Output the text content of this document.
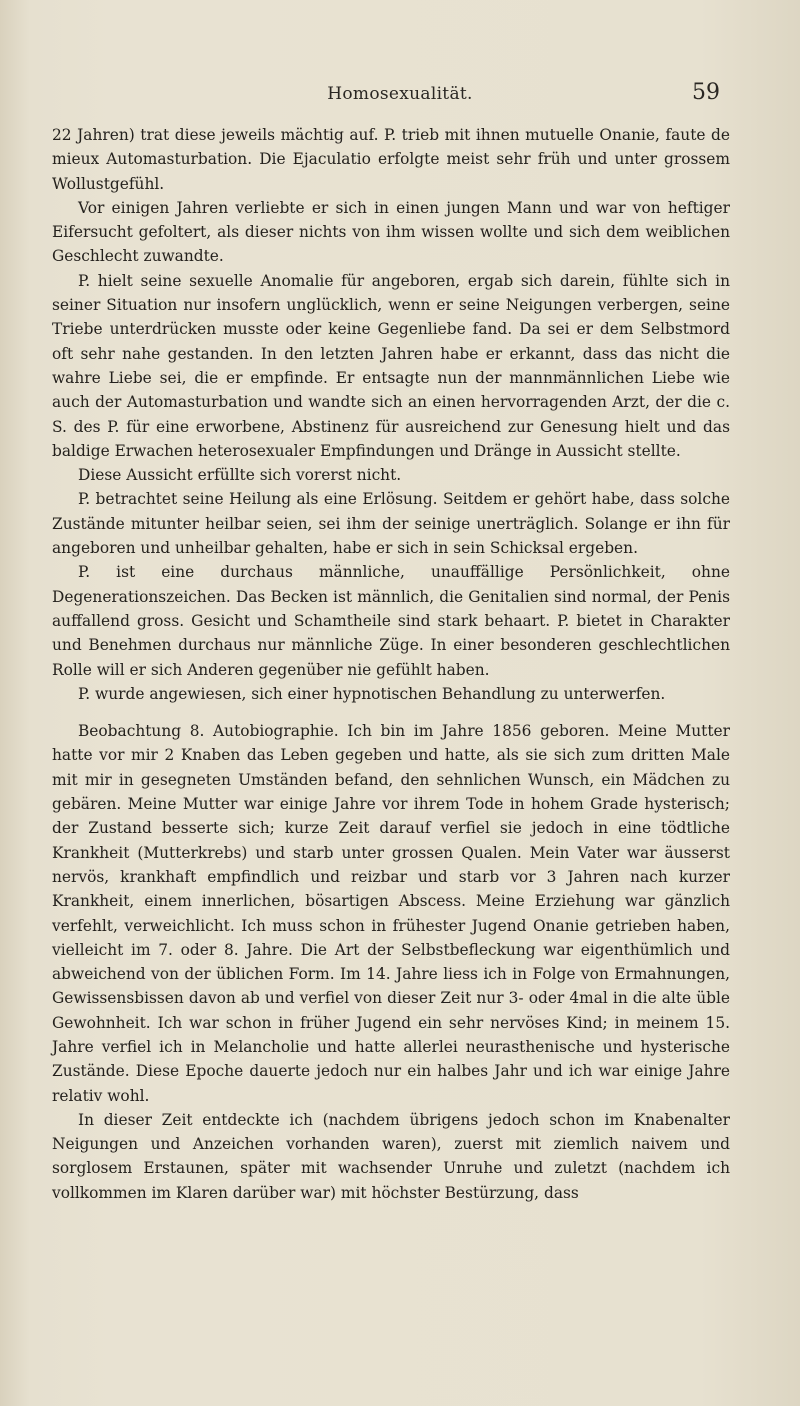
Homosexualität.	59

22 Jahren) trat diese jeweils mächtig auf. P. trieb mit ihnen mutuelle Onanie, faute de mieux Automasturbation. Die Ejaculatio erfolgte meist sehr früh und unter grossem Wollustgefühl.

Vor einigen Jahren verliebte er sich in einen jungen Mann und war von heftiger Eifersucht gefoltert, als dieser nichts von ihm wissen wollte und sich dem weiblichen Geschlecht zuwandte.

P. hielt seine sexuelle Anomalie für angeboren, ergab sich darein, fühlte sich in seiner Situation nur insofern unglücklich, wenn er seine Neigungen verbergen, seine Triebe unterdrücken musste oder keine Gegenliebe fand. Da sei er dem Selbstmord oft sehr nahe gestanden. In den letzten Jahren habe er erkannt, dass das nicht die wahre Liebe sei, die er empfinde. Er entsagte nun der mannmännlichen Liebe wie auch der Automasturbation und wandte sich an einen hervorragenden Arzt, der die c. S. des P. für eine erworbene, Abstinenz für ausreichend zur Genesung hielt und das baldige Erwachen heterosexualer Empfindungen und Dränge in Aussicht stellte.

Diese Aussicht erfüllte sich vorerst nicht.

P. betrachtet seine Heilung als eine Erlösung. Seitdem er gehört habe, dass solche Zustände mitunter heilbar seien, sei ihm der seinige unerträglich. Solange er ihn für angeboren und unheilbar gehalten, habe er sich in sein Schicksal ergeben.

P. ist eine durchaus männliche, unauffällige Persönlichkeit, ohne Degenerationszeichen. Das Becken ist männlich, die Genitalien sind normal, der Penis auffallend gross. Gesicht und Schamtheile sind stark behaart. P. bietet in Charakter und Benehmen durchaus nur männliche Züge. In einer besonderen geschlechtlichen Rolle will er sich Anderen gegenüber nie gefühlt haben.

P. wurde angewiesen, sich einer hypnotischen Behandlung zu unterwerfen.

Beobachtung 8. Autobiographie. Ich bin im Jahre 1856 geboren. Meine Mutter hatte vor mir 2 Knaben das Leben gegeben und hatte, als sie sich zum dritten Male mit mir in gesegneten Umständen befand, den sehnlichen Wunsch, ein Mädchen zu gebären. Meine Mutter war einige Jahre vor ihrem Tode in hohem Grade hysterisch; der Zustand besserte sich; kurze Zeit darauf verfiel sie jedoch in eine tödtliche Krankheit (Mutterkrebs) und starb unter grossen Qualen. Mein Vater war äusserst nervös, krankhaft empfindlich und reizbar und starb vor 3 Jahren nach kurzer Krankheit, einem innerlichen, bösartigen Abscess. Meine Erziehung war gänzlich verfehlt, verweichlicht. Ich muss schon in frühester Jugend Onanie getrieben haben, vielleicht im 7. oder 8. Jahre. Die Art der Selbstbefleckung war eigenthümlich und abweichend von der üblichen Form. Im 14. Jahre liess ich in Folge von Ermahnungen, Gewissensbissen davon ab und verfiel von dieser Zeit nur 3- oder 4mal in die alte üble Gewohnheit. Ich war schon in früher Jugend ein sehr nervöses Kind; in meinem 15. Jahre verfiel ich in Melancholie und hatte allerlei neurasthenische und hysterische Zustände. Diese Epoche dauerte jedoch nur ein halbes Jahr und ich war einige Jahre relativ wohl.

In dieser Zeit entdeckte ich (nachdem übrigens jedoch schon im Knabenalter Neigungen und Anzeichen vorhanden waren), zuerst mit ziemlich naivem und sorglosem Erstaunen, später mit wachsender Unruhe und zuletzt (nachdem ich vollkommen im Klaren darüber war) mit höchster Bestürzung, dass
